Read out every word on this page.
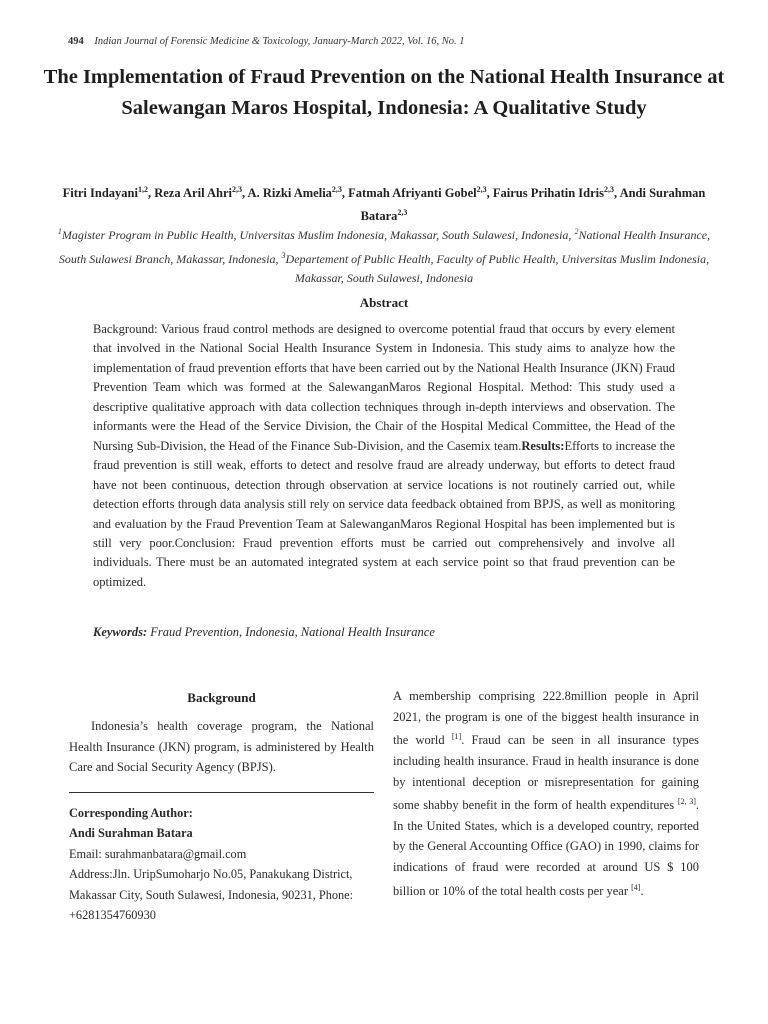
494 Indian Journal of Forensic Medicine & Toxicology, January-March 2022, Vol. 16, No. 1
The Implementation of Fraud Prevention on the National Health Insurance at Salewangan Maros Hospital, Indonesia: A Qualitative Study
Fitri Indayani$^{1,2}$, Reza Aril Ahri$^{2,3}$, A. Rizki Amelia$^{2,3}$, Fatmah Afriyanti Gobel$^{2,3}$, Fairus Prihatin Idris$^{2,3}$, Andi Surahman Batara$^{2,3}$
$^1$Magister Program in Public Health, Universitas Muslim Indonesia, Makassar, South Sulawesi, Indonesia, $^2$National Health Insurance, South Sulawesi Branch, Makassar, Indonesia, $^3$Departement of Public Health, Faculty of Public Health, Universitas Muslim Indonesia, Makassar, South Sulawesi, Indonesia
Abstract
Background: Various fraud control methods are designed to overcome potential fraud that occurs by every element that involved in the National Social Health Insurance System in Indonesia. This study aims to analyze how the implementation of fraud prevention efforts that have been carried out by the National Health Insurance (JKN) Fraud Prevention Team which was formed at the SalewanganMaros Regional Hospital. Method: This study used a descriptive qualitative approach with data collection techniques through in-depth interviews and observation. The informants were the Head of the Service Division, the Chair of the Hospital Medical Committee, the Head of the Nursing Sub-Division, the Head of the Finance Sub-Division, and the Casemix team.Results:Efforts to increase the fraud prevention is still weak, efforts to detect and resolve fraud are already underway, but efforts to detect fraud have not been continuous, detection through observation at service locations is not routinely carried out, while detection efforts through data analysis still rely on service data feedback obtained from BPJS, as well as monitoring and evaluation by the Fraud Prevention Team at SalewanganMaros Regional Hospital has been implemented but is still very poor.Conclusion: Fraud prevention efforts must be carried out comprehensively and involve all individuals. There must be an automated integrated system at each service point so that fraud prevention can be optimized.
Keywords: Fraud Prevention, Indonesia, National Health Insurance
Background

Indonesia’s health coverage program, the National Health Insurance (JKN) program, is administered by Health Care and Social Security Agency (BPJS).

Corresponding Author:
Andi Surahman Batara
Email: surahmanbatara@gmail.com
Address:Jln. UripSumoharjo No.05, Panakukang District, Makassar City, South Sulawesi, Indonesia, 90231, Phone: +6281354760930
A membership comprising 222.8million people in April 2021, the program is one of the biggest health insurance in the world [1]. Fraud can be seen in all insurance types including health insurance. Fraud in health insurance is done by intentional deception or misrepresentation for gaining some shabby benefit in the form of health expenditures [2, 3]. In the United States, which is a developed country, reported by the General Accounting Office (GAO) in 1990, claims for indications of fraud were recorded at around US $ 100 billion or 10% of the total health costs per year [4].
